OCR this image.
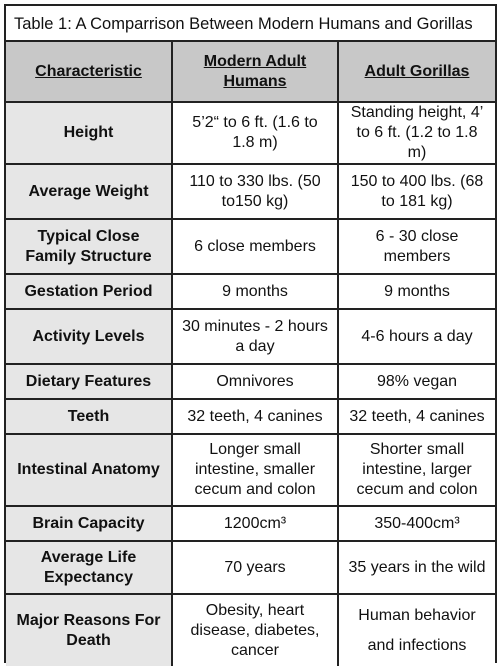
Table 1: A Comparrison Between Modern Humans and Gorillas
Characteristic	Modern Adult Humans	Adult Gorillas
Height	5’2“ to 6 ft. (1.6 to 1.8 m)	Standing height, 4’ to 6 ft. (1.2 to 1.8 m)
Average Weight	110 to 330 lbs. (50 to150 kg)	150 to 400 lbs. (68 to 181 kg)
Typical Close Family Structure	6 close members	6 - 30 close members
Gestation Period	9 months	9 months
Activity Levels	30 minutes - 2 hours a day	4-6 hours a day
Dietary Features	Omnivores	98% vegan
Teeth	32 teeth, 4 canines	32 teeth, 4 canines
Intestinal Anatomy	Longer small intestine, smaller cecum and colon	Shorter small intestine, larger cecum and colon
Brain Capacity	1200cm³	350-400cm³
Average Life Expectancy	70 years	35 years in the wild
Major Reasons For Death	Obesity, heart disease, diabetes, cancer	Human behavior and infections
